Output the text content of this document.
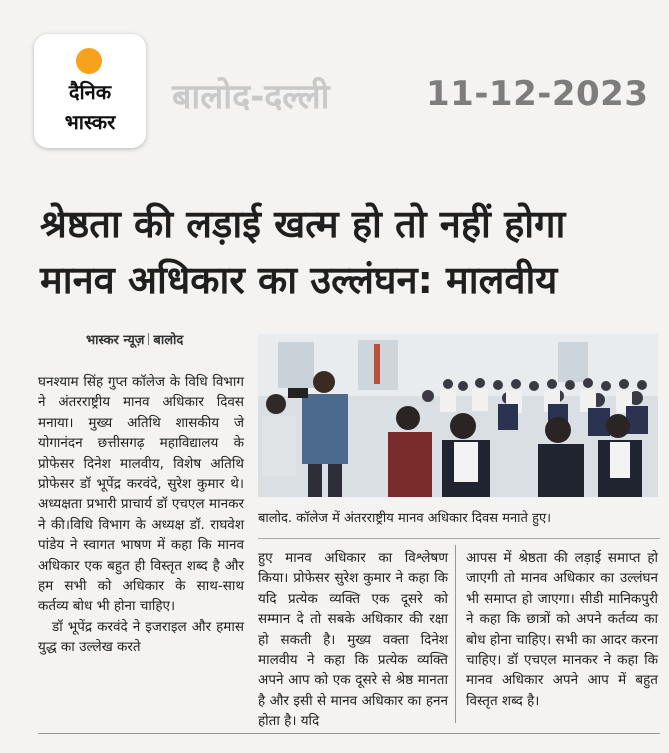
दैनिक
भास्कर
बालोद-दल्ली	11-12-2023
श्रेष्ठता की लड़ाई खत्म हो तो नहीं होगा
मानव अधिकार का उल्लंघन: मालवीय
भास्कर न्यूज़ बालोद

घनश्याम सिंह गुप्त कॉलेज के विधि विभाग ने अंतरराष्ट्रीय मानव अधिकार दिवस मनाया। मुख्य अतिथि शासकीय जे योगानंदन छत्तीसगढ़ महाविद्यालय के प्रोफेसर दिनेश मालवीय, विशेष अतिथि प्रोफेसर डॉ भूपेंद्र करवंदे, सुरेश कुमार थे। अध्यक्षता प्रभारी प्राचार्य डॉ एचएल मानकर ने की।विधि विभाग के अध्यक्ष डॉ. राघवेश पांडेय ने स्वागत भाषण में कहा कि मानव अधिकार एक बहुत ही विस्तृत शब्द है और हम सभी को अधिकार के साथ-साथ कर्तव्य बोध भी होना चाहिए।

डॉ भूपेंद्र करवंदे ने इजराइल और हमास युद्ध का उल्लेख करते

बालोद. कॉलेज में अंतरराष्ट्रीय मानव अधिकार दिवस मनाते हुए।
हुए मानव अधिकार का विश्लेषण किया। प्रोफेसर सुरेश कुमार ने कहा कि यदि प्रत्येक व्यक्ति एक दूसरे को सम्मान दे तो सबके अधिकार की रक्षा हो सकती है। मुख्य वक्ता दिनेश मालवीय ने कहा कि प्रत्येक व्यक्ति अपने आप को एक दूसरे से श्रेष्ठ मानता है और इसी से मानव अधिकार का हनन होता है। यदि
आपस में श्रेष्ठता की लड़ाई समाप्त हो जाएगी तो मानव अधिकार का उल्लंघन भी समाप्त हो जाएगा। सीडी मानिकपुरी ने कहा कि छात्रों को अपने कर्तव्य का बोध होना चाहिए। सभी का आदर करना चाहिए। डॉ एचएल मानकर ने कहा कि मानव अधिकार अपने आप में बहुत विस्तृत शब्द है।
